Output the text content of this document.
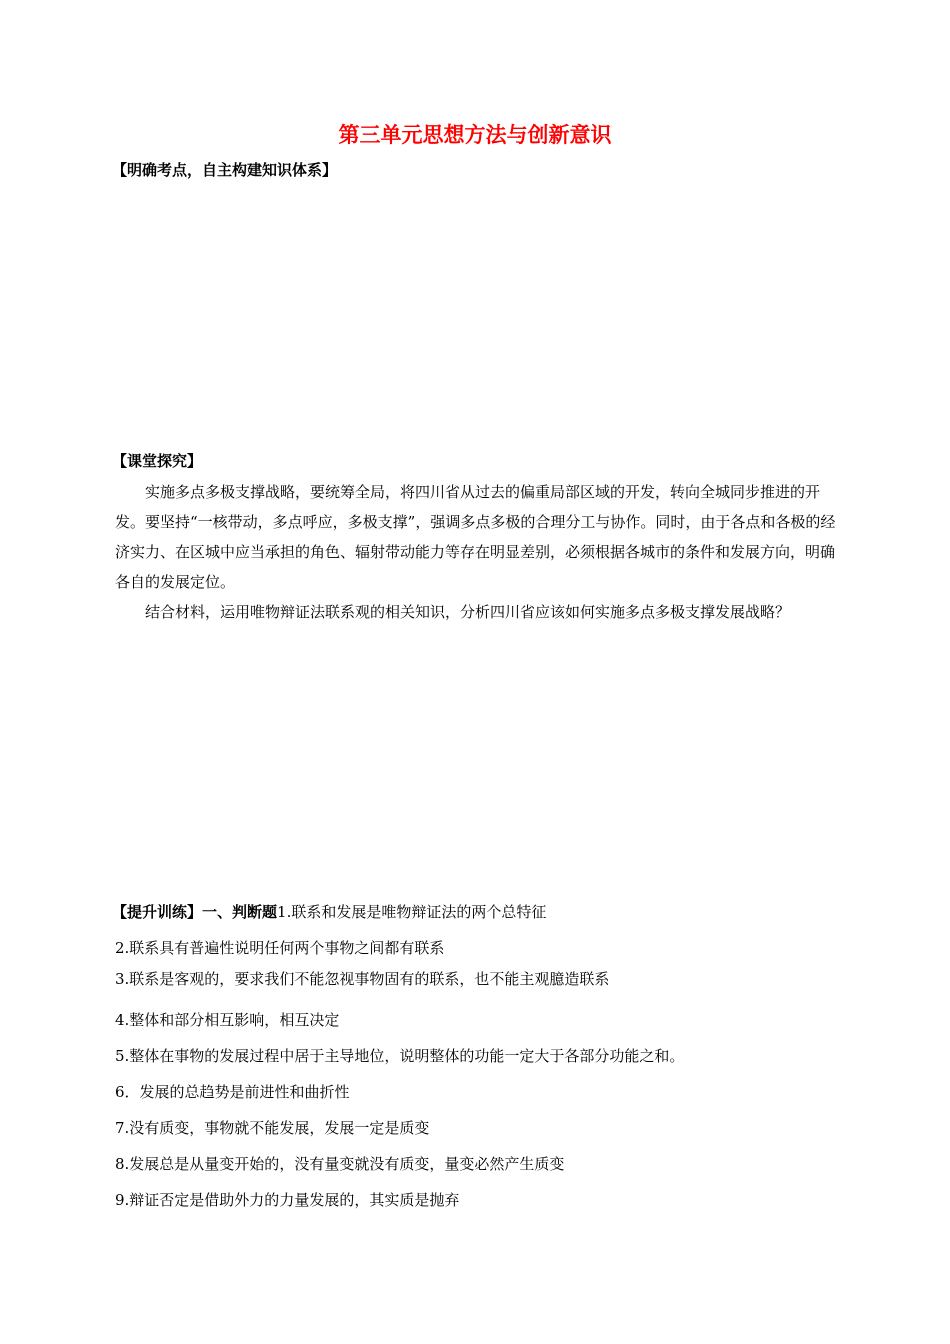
第三单元思想方法与创新意识
【明确考点，自主构建知识体系】
【课堂探究】

实施多点多极支撑战略，要统筹全局，将四川省从过去的偏重局部区域的开发，转向全城同步推进的开发。要坚持“一核带动，多点呼应，多极支撑”，强调多点多极的合理分工与协作。同时，由于各点和各极的经济实力、在区城中应当承担的角色、辐射带动能力等存在明显差别，必须根据各城市的条件和发展方向，明确各自的发展定位。

结合材料，运用唯物辩证法联系观的相关知识，分析四川省应该如何实施多点多极支撑发展战略？

【提升训练】一、判断题1.联系和发展是唯物辩证法的两个总特征
2.联系具有普遍性说明任何两个事物之间都有联系
3.联系是客观的，要求我们不能忽视事物固有的联系，也不能主观臆造联系
4.整体和部分相互影响，相互决定
5.整体在事物的发展过程中居于主导地位，说明整体的功能一定大于各部分功能之和。
6．发展的总趋势是前进性和曲折性
7.没有质变，事物就不能发展，发展一定是质变
8.发展总是从量变开始的，没有量变就没有质变，量变必然产生质变
9.辩证否定是借助外力的力量发展的，其实质是抛弃
